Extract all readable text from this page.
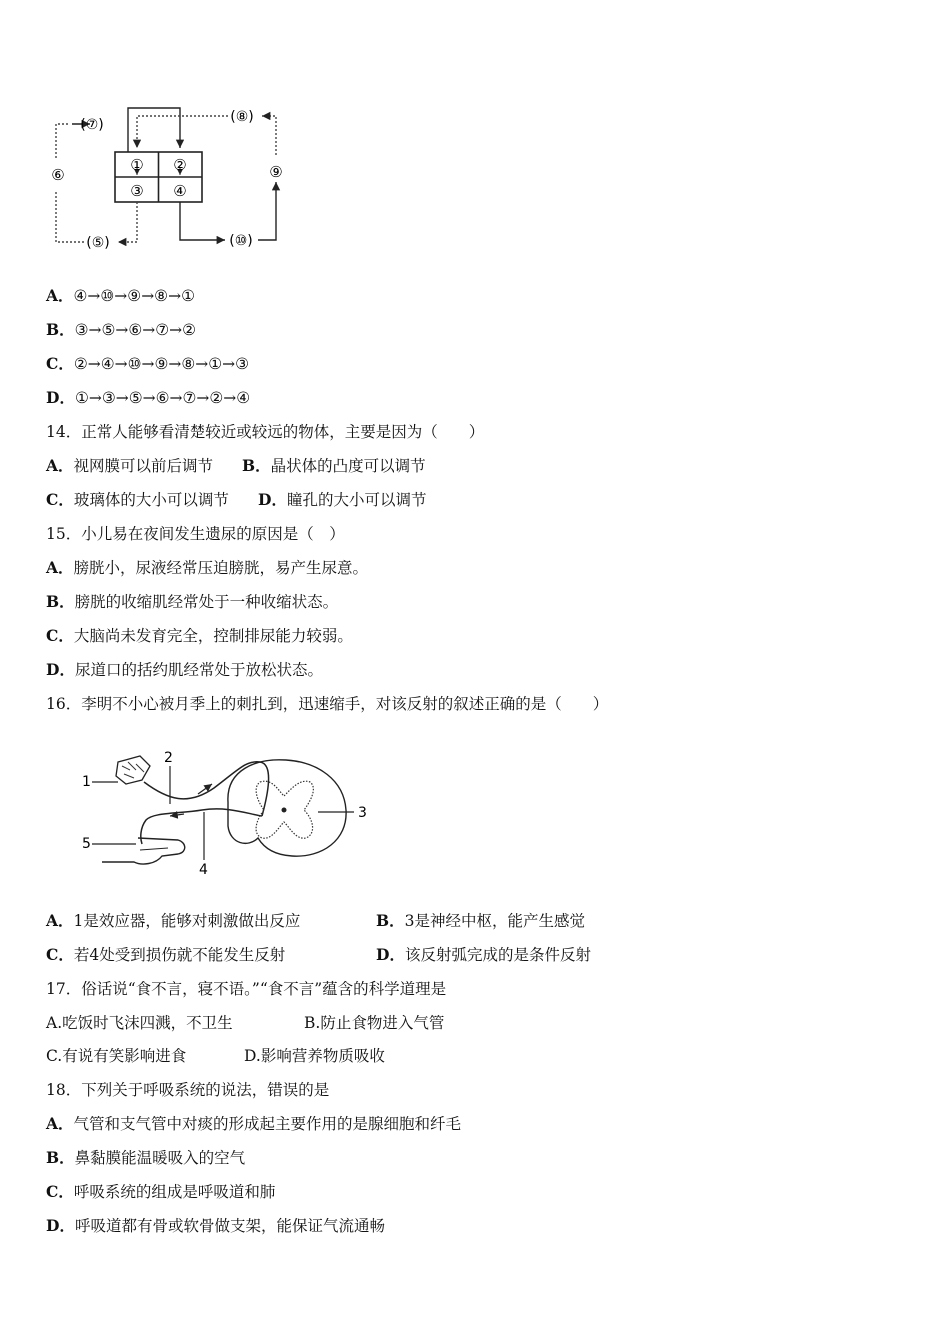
① ②
③ ④
(⑤)
⑥
(⑦)	(⑧)
⑨
(⑩)
A．④→⑩→⑨→⑧→①
B．③→⑤→⑥→⑦→②
C．②→④→⑩→⑨→⑧→①→③
D．①→③→⑤→⑥→⑦→②→④
14．正常人能够看清楚较近或较远的物体，主要是因为（　　）
A．视网膜可以前后调节 B．晶状体的凸度可以调节
C．玻璃体的大小可以调节 D．瞳孔的大小可以调节
15．小儿易在夜间发生遗尿的原因是（　）
A．膀胱小，尿液经常压迫膀胱，易产生尿意。
B．膀胱的收缩肌经常处于一种收缩状态。
C．大脑尚未发育完全，控制排尿能力较弱。
D．尿道口的括约肌经常处于放松状态。
16．李明不小心被月季上的刺扎到，迅速缩手，对该反射的叙述正确的是（　　）
1
2
3
4
5
A．1是效应器，能够对刺激做出反应	B．3是神经中枢，能产生感觉
C．若4处受到损伤就不能发生反射	D．该反射弧完成的是条件反射
17．俗话说“食不言，寝不语。”“食不言”蕴含的科学道理是
A.吃饭时飞沫四溅，不卫生	B.防止食物进入气管
C.有说有笑影响进食	D.影响营养物质吸收
18．下列关于呼吸系统的说法，错误的是
A．气管和支气管中对痰的形成起主要作用的是腺细胞和纤毛
B．鼻黏膜能温暖吸入的空气
C．呼吸系统的组成是呼吸道和肺
D．呼吸道都有骨或软骨做支架，能保证气流通畅
